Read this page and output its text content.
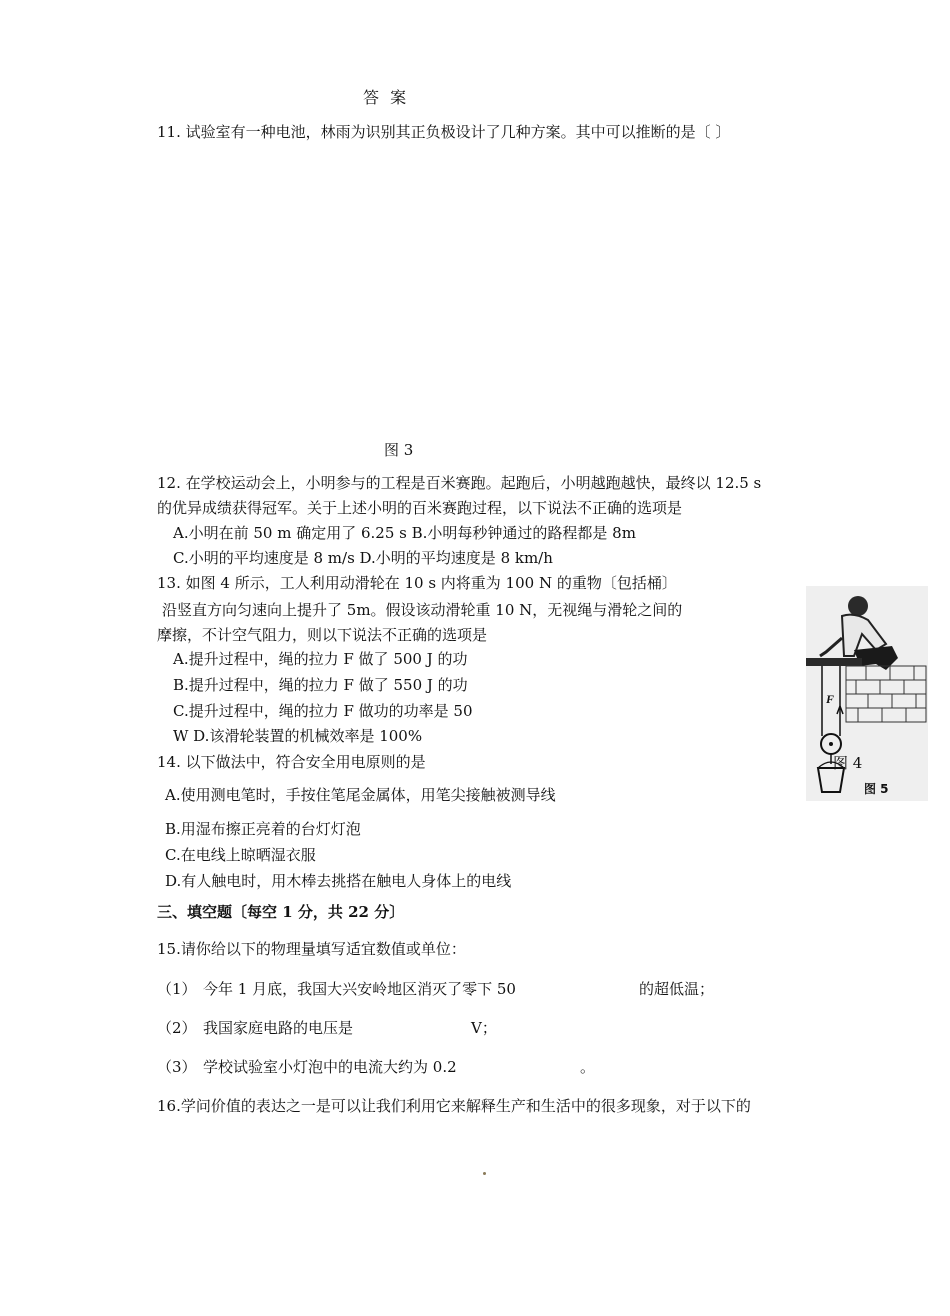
答 案
11. 试验室有一种电池，林雨为识别其正负极设计了几种方案。其中可以推断的是〔 〕
图 3
12. 在学校运动会上，小明参与的工程是百米赛跑。起跑后，小明越跑越快，最终以 12.5 s
的优异成绩获得冠军。关于上述小明的百米赛跑过程，以下说法不正确的选项是
A.小明在前 50 m 确定用了 6.25 s B.小明每秒钟通过的路程都是 8m
C.小明的平均速度是 8 m/s D.小明的平均速度是 8 km/h
13. 如图 4 所示，工人利用动滑轮在 10 s 内将重为 100 N 的重物〔包括桶〕
沿竖直方向匀速向上提升了 5m。假设该动滑轮重 10 N，无视绳与滑轮之间的
摩擦，不计空气阻力，则以下说法不正确的选项是
A.提升过程中，绳的拉力 F 做了 500 J 的功
B.提升过程中，绳的拉力 F 做了 550 J 的功
C.提升过程中，绳的拉力 F 做功的功率是 50
W D.该滑轮装置的机械效率是 100%
F
图 4
图 5
14. 以下做法中，符合安全用电原则的是
A.使用测电笔时，手按住笔尾金属体，用笔尖接触被测导线
B.用湿布擦正亮着的台灯灯泡
C.在电线上晾晒湿衣服
D.有人触电时，用木棒去挑搭在触电人身体上的电线
三、填空题〔每空 1 分，共 22 分〕
15.请你给以下的物理量填写适宜数值或单位：
（1） 今年 1 月底，我国大兴安岭地区消灭了零下 50	的超低温；
（2） 我国家庭电路的电压是	V；
（3） 学校试验室小灯泡中的电流大约为 0.2	。
16.学问价值的表达之一是可以让我们利用它来解释生产和生活中的很多现象，对于以下的
